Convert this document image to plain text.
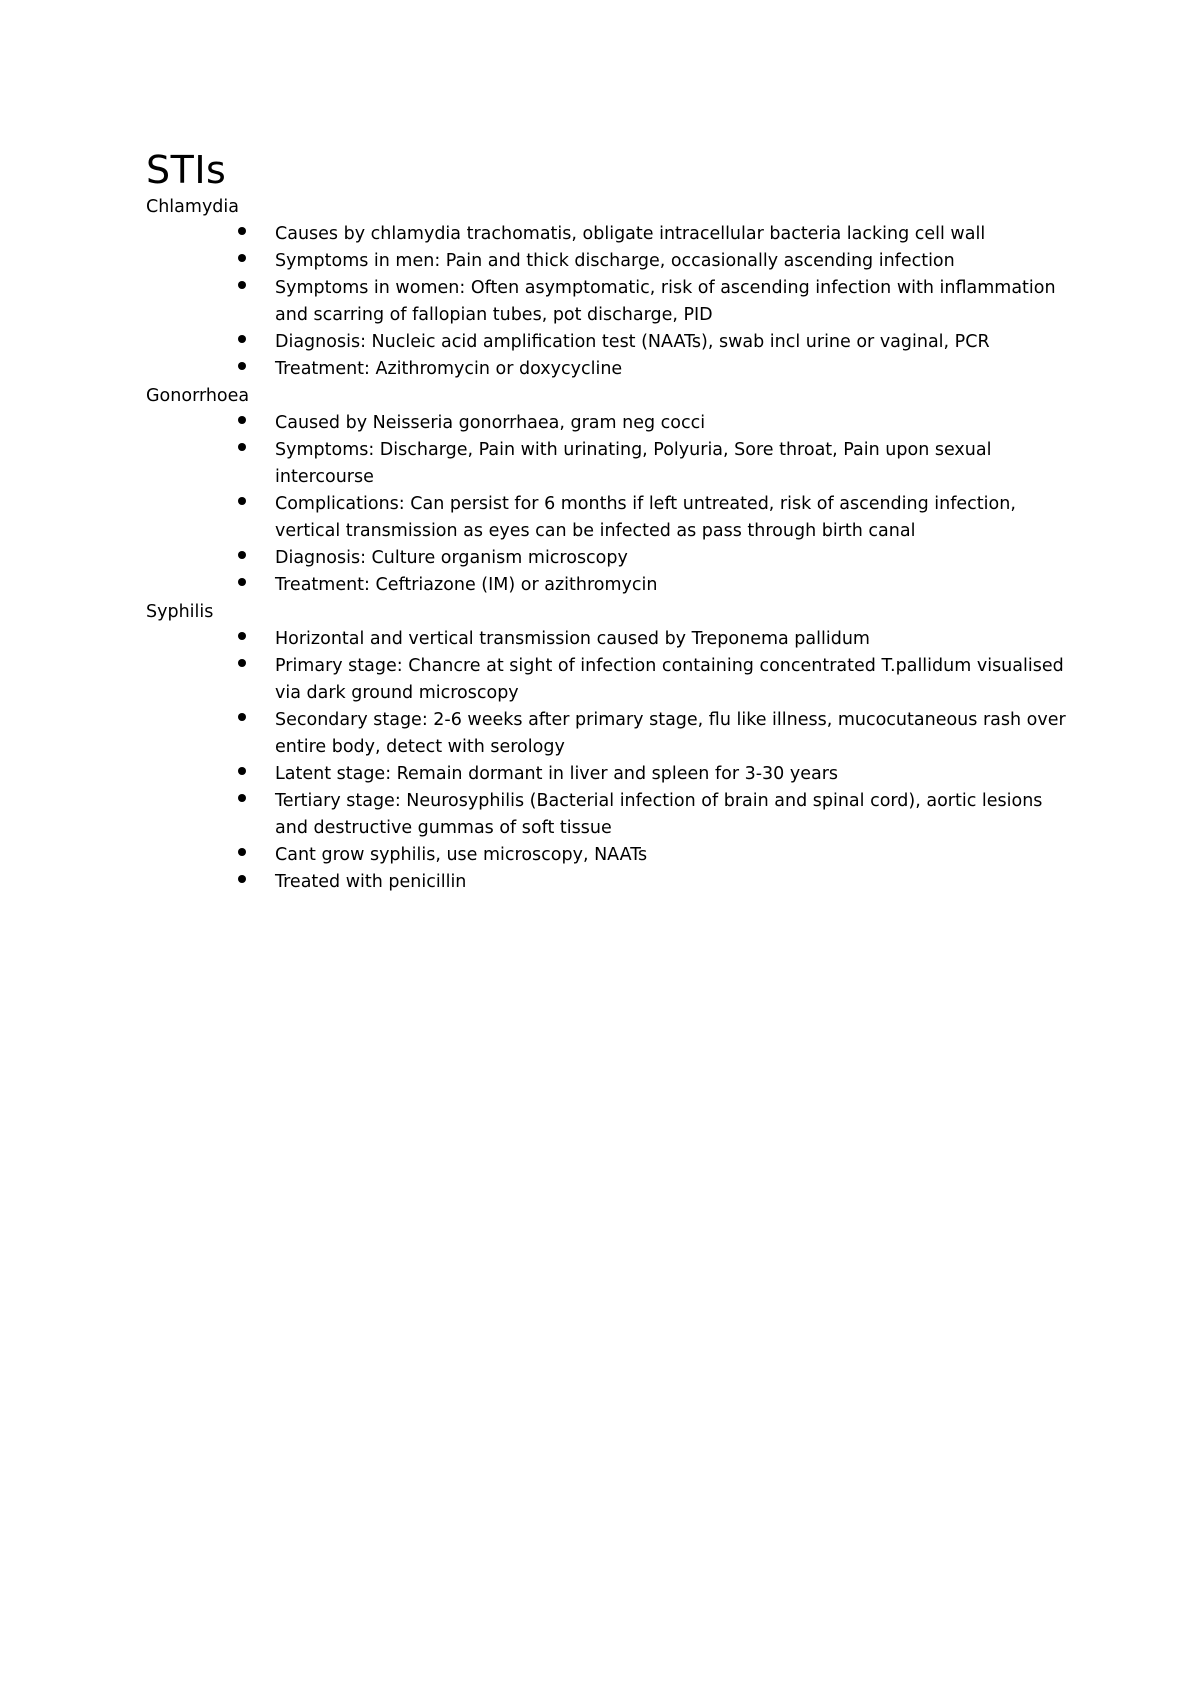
STIs

Chlamydia

Causes by chlamydia trachomatis, obligate intracellular bacteria lacking cell wall
Symptoms in men: Pain and thick discharge, occasionally ascending infection
Symptoms in women: Often asymptomatic, risk of ascending infection with inflammation and scarring of fallopian tubes, pot discharge, PID
Diagnosis: Nucleic acid amplification test (NAATs), swab incl urine or vaginal, PCR
Treatment: Azithromycin or doxycycline

Gonorrhoea

Caused by Neisseria gonorrhaea, gram neg cocci
Symptoms: Discharge, Pain with urinating, Polyuria, Sore throat, Pain upon sexual intercourse
Complications: Can persist for 6 months if left untreated, risk of ascending infection, vertical transmission as eyes can be infected as pass through birth canal
Diagnosis: Culture organism microscopy
Treatment: Ceftriazone (IM) or azithromycin

Syphilis

Horizontal and vertical transmission caused by Treponema pallidum
Primary stage: Chancre at sight of infection containing concentrated T.pallidum visualised via dark ground microscopy
Secondary stage: 2-6 weeks after primary stage, flu like illness, mucocutaneous rash over entire body, detect with serology
Latent stage: Remain dormant in liver and spleen for 3-30 years
Tertiary stage: Neurosyphilis (Bacterial infection of brain and spinal cord), aortic lesions and destructive gummas of soft tissue
Cant grow syphilis, use microscopy, NAATs
Treated with penicillin
